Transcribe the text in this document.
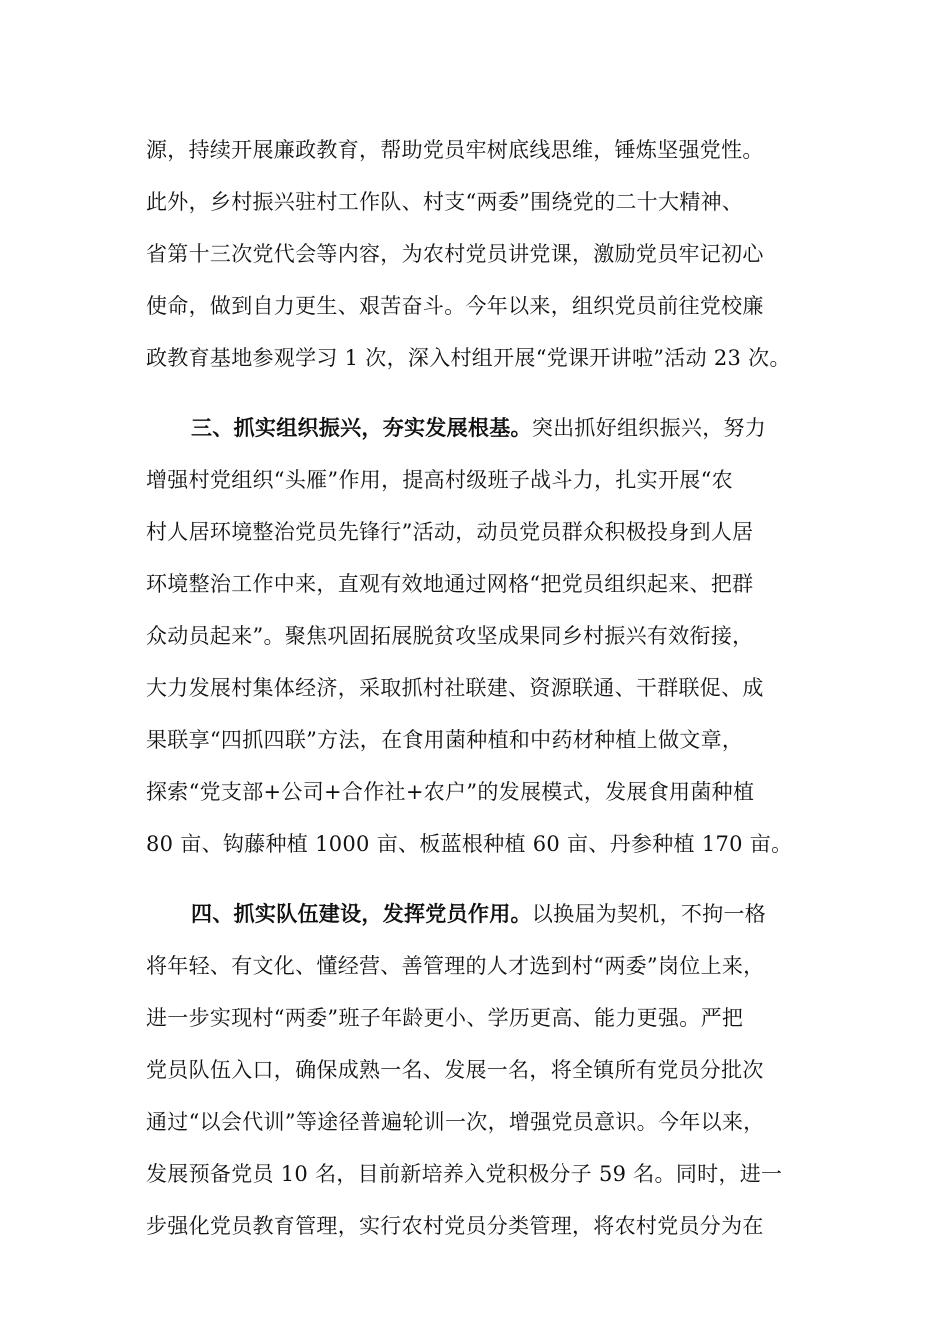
源，持续开展廉政教育，帮助党员牢树底线思维，锤炼坚强党性。
此外，乡村振兴驻村工作队、村支“两委”围绕党的二十大精神、
省第十三次党代会等内容，为农村党员讲党课，激励党员牢记初心
使命，做到自力更生、艰苦奋斗。今年以来，组织党员前往党校廉
政教育基地参观学习 1 次，深入村组开展“党课开讲啦”活动 23 次。
三、抓实组织振兴，夯实发展根基。突出抓好组织振兴，努力
增强村党组织“头雁”作用，提高村级班子战斗力，扎实开展“农
村人居环境整治党员先锋行”活动，动员党员群众积极投身到人居
环境整治工作中来，直观有效地通过网格“把党员组织起来、把群
众动员起来”。聚焦巩固拓展脱贫攻坚成果同乡村振兴有效衔接，
大力发展村集体经济，采取抓村社联建、资源联通、干群联促、成
果联享“四抓四联”方法，在食用菌种植和中药材种植上做文章，
探索“党支部+公司+合作社+农户”的发展模式，发展食用菌种植
80 亩、钩藤种植 1000 亩、板蓝根种植 60 亩、丹参种植 170 亩。
四、抓实队伍建设，发挥党员作用。以换届为契机，不拘一格
将年轻、有文化、懂经营、善管理的人才选到村“两委”岗位上来，
进一步实现村“两委”班子年龄更小、学历更高、能力更强。严把
党员队伍入口，确保成熟一名、发展一名，将全镇所有党员分批次
通过“以会代训”等途径普遍轮训一次，增强党员意识。今年以来，
发展预备党员 10 名，目前新培养入党积极分子 59 名。同时，进一
步强化党员教育管理，实行农村党员分类管理，将农村党员分为在
